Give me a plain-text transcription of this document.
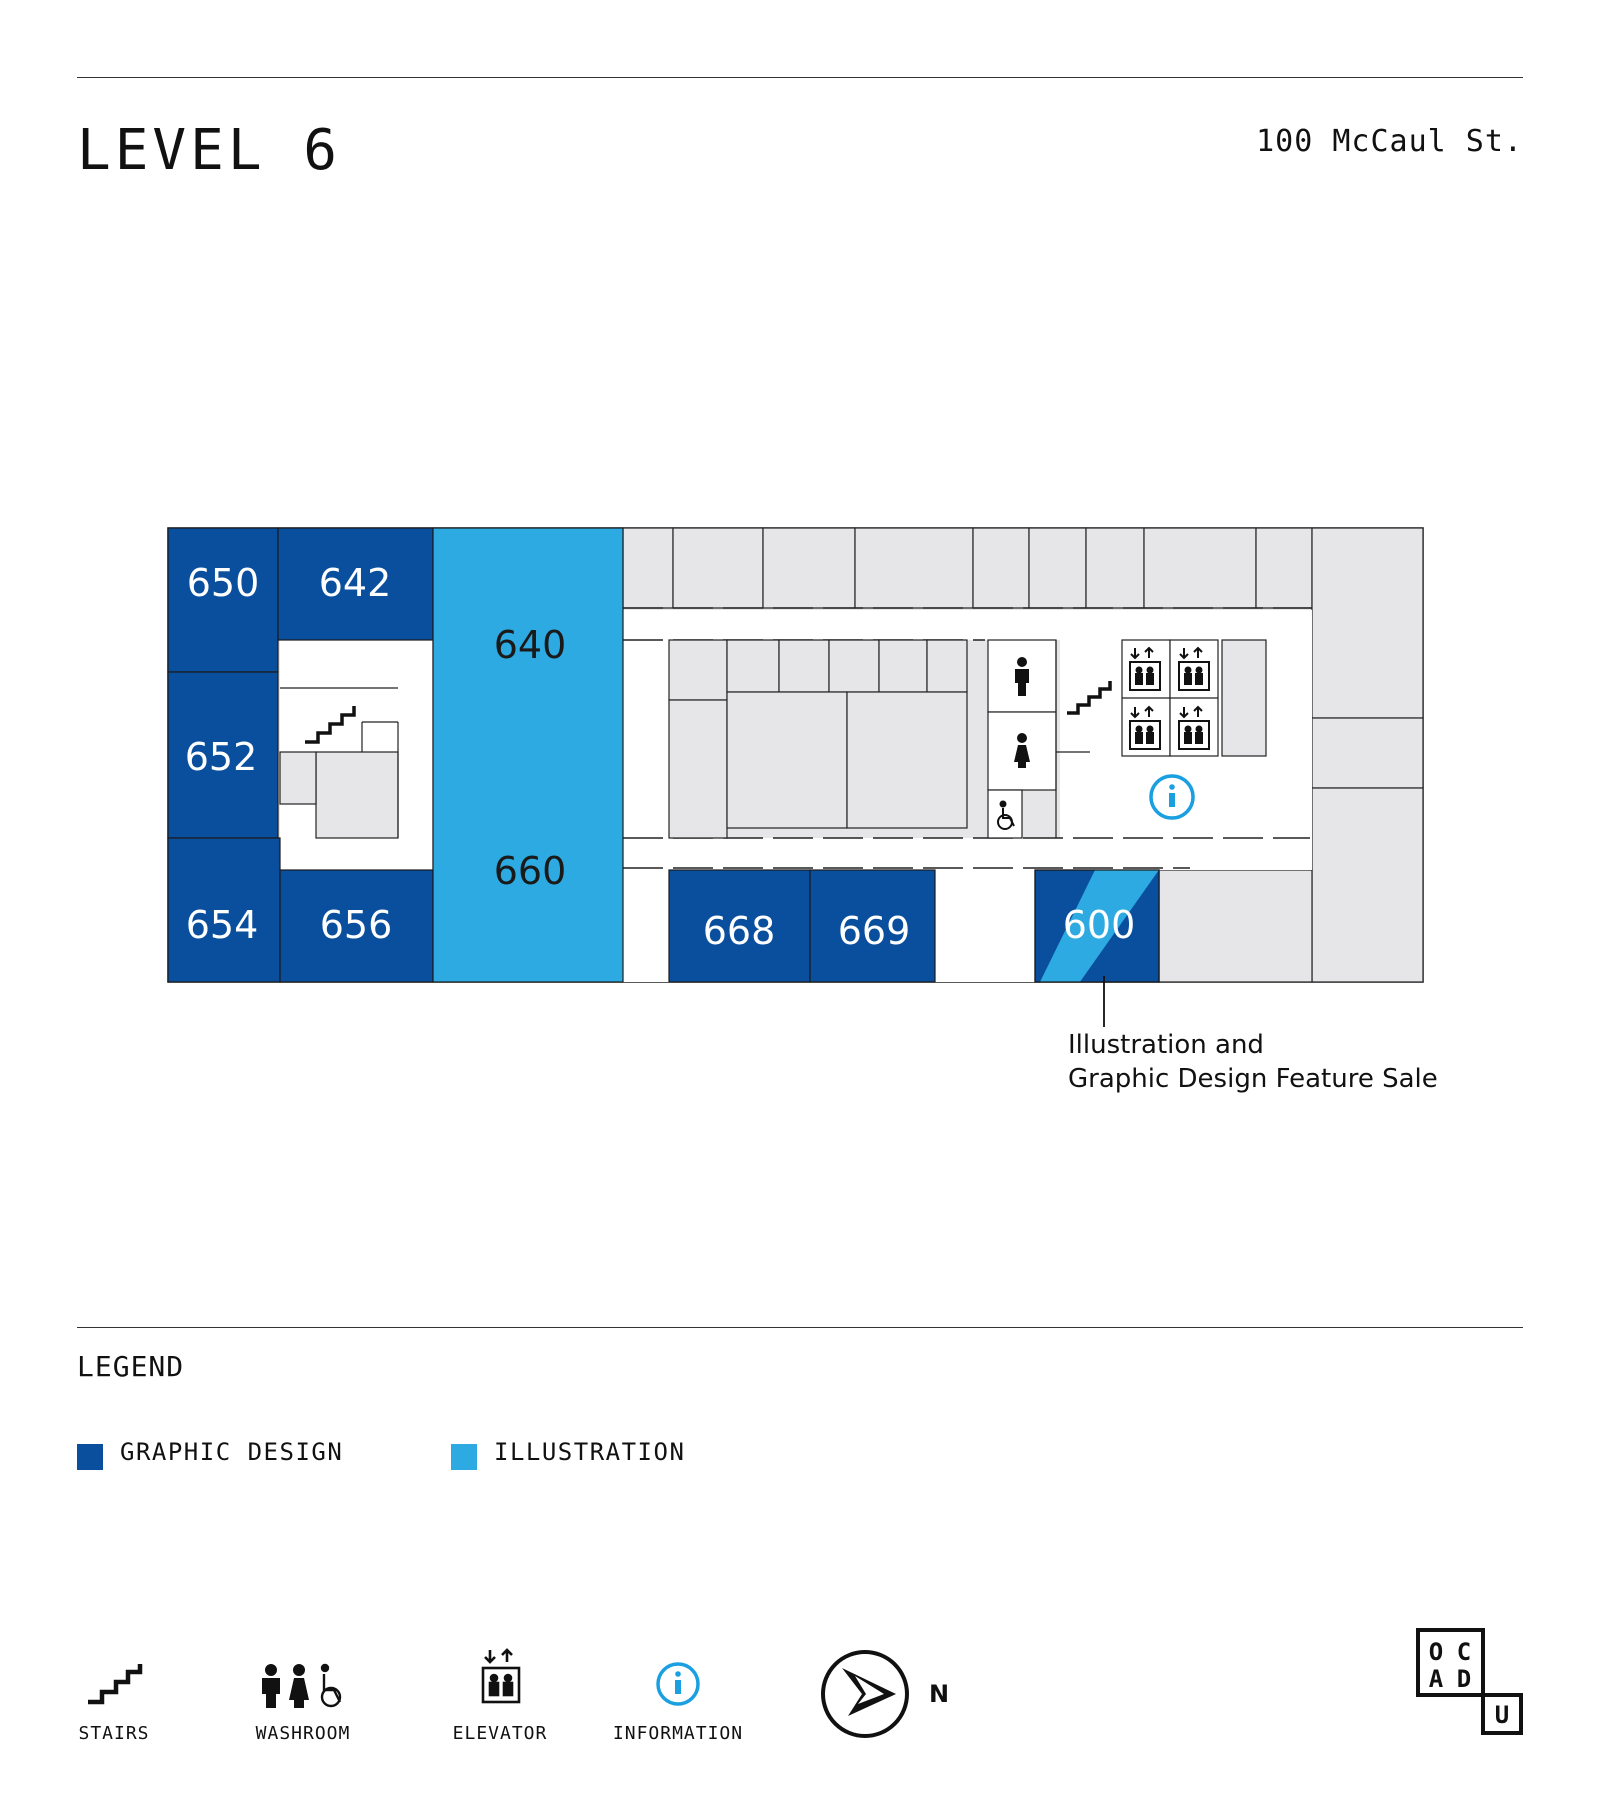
LEVEL 6	100 McCaul St.
650 642
640
652
660
654 656	668 669	600
O C
A D
U
Illustration and
Graphic Design Feature Sale
LEGEND
GRAPHIC DESIGN	ILLUSTRATION
STAIRS	WASHROOM	ELEVATOR	INFORMATION
N
